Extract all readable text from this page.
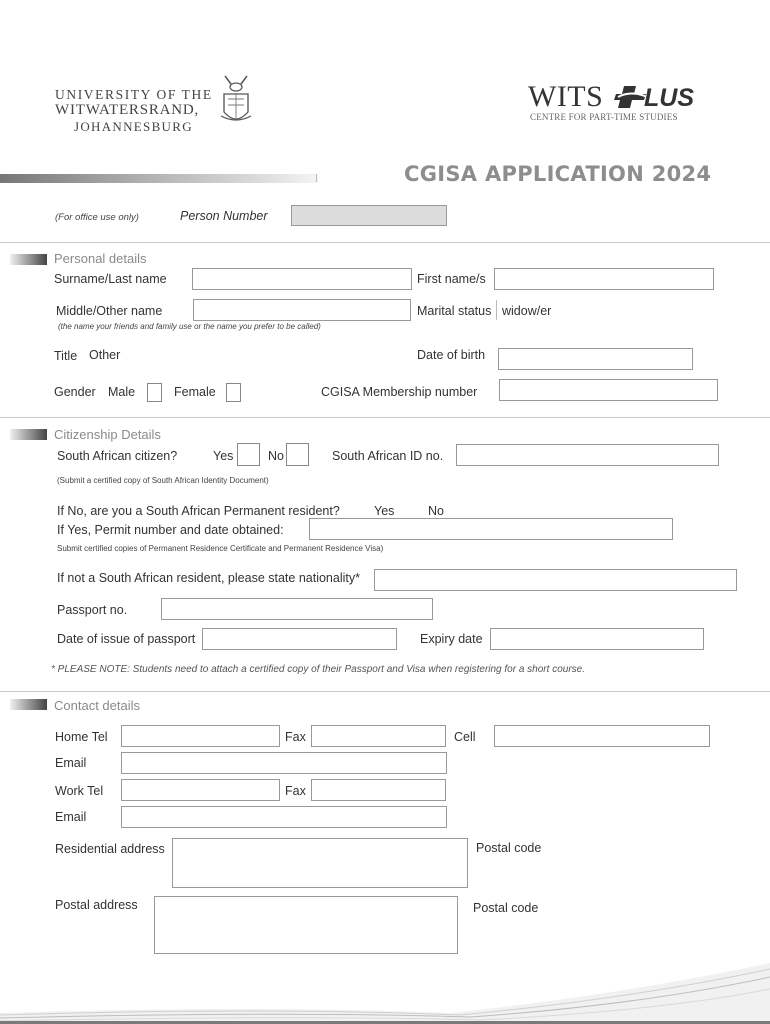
UNIVERSITY OF THE
WITWATERSRAND,
JOHANNESBURG
WITS LUS
CENTRE FOR PART-TIME STUDIES
CGISA APPLICATION 2024
(For office use only)	Person Number
Personal details
Surname/Last name	First name/s
Middle/Other name
(the name your friends and family use or the name you prefer to be called)
Marital status widow/er
Title Other	Date of birth
Gender Male	Female	CGISA Membership number
Citizenship Details
South African citizen?	Yes	No	South African ID no.
(Submit a certified copy of South African Identity Document)
If No, are you a South African Permanent resident?	Yes	No
If Yes, Permit number and date obtained:
Submit certified copies of Permanent Residence Certificate and Permanent Residence Visa)
If not a South African resident, please state nationality*
Passport no.
Date of issue of passport	Expiry date
* PLEASE NOTE: Students need to attach a certified copy of their Passport and Visa when registering for a short course.
Contact details
Home Tel	Fax	Cell
Email
Work Tel	Fax
Email
Residential address	Postal code
Postal address	Postal code
